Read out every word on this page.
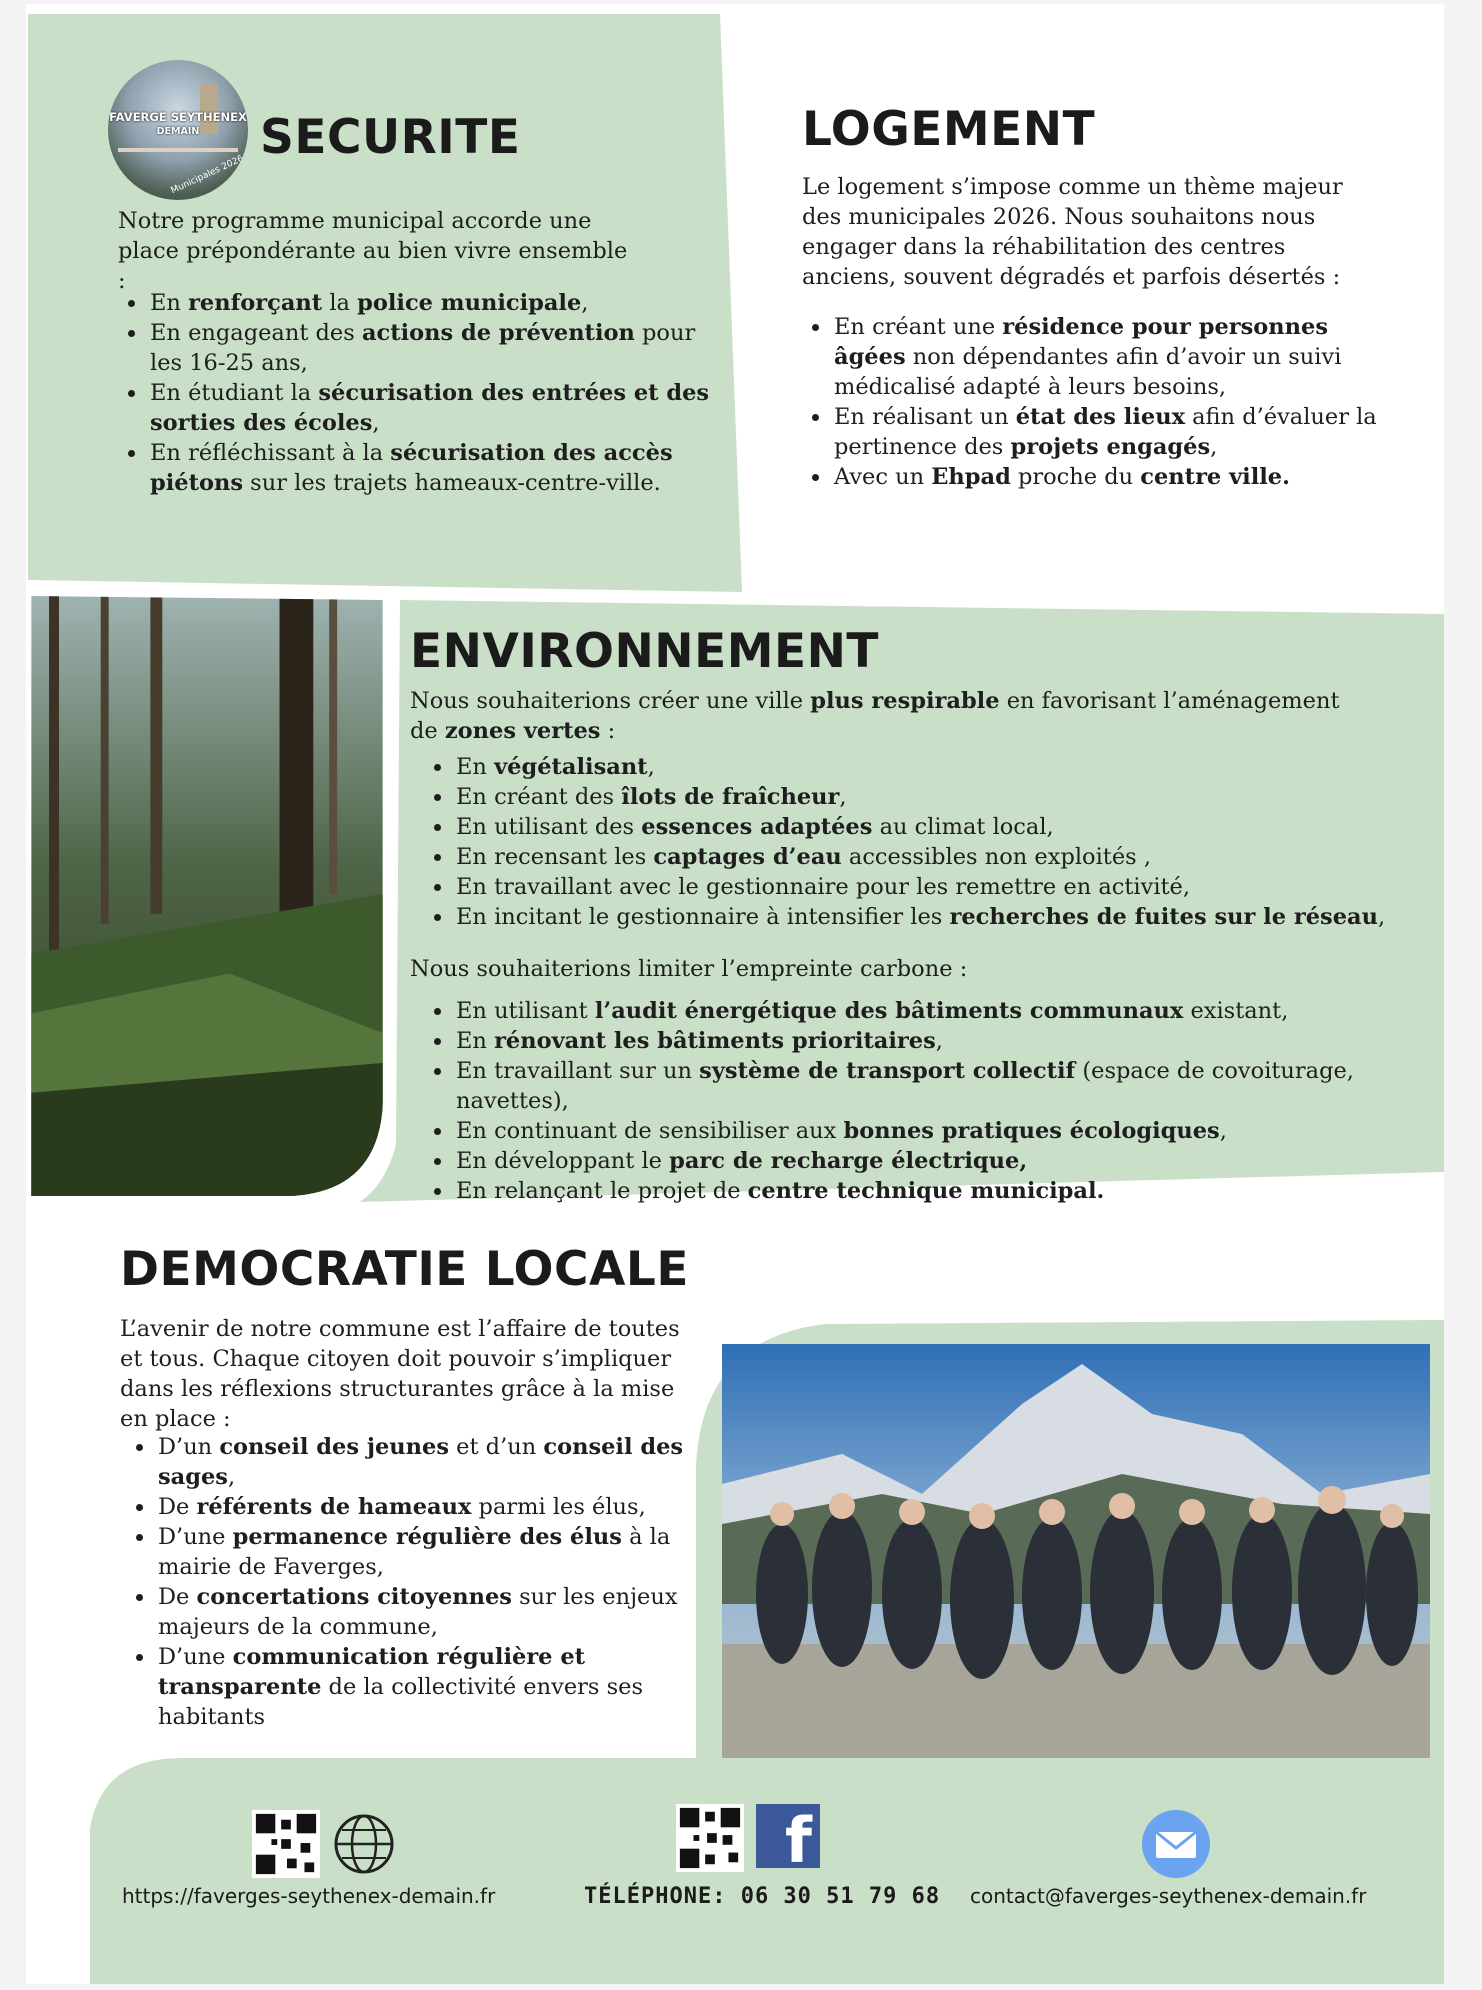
FAVERGE SEYTHENEX
DEMAIN
Municipales 2026
SECURITE

Notre programme municipal accorde une place prépondérante au bien vivre ensemble :

• En renforçant la police municipale,
• En engageant des actions de prévention pour les 16-25 ans,
• En étudiant la sécurisation des entrées et des sorties des écoles,
• En réfléchissant à la sécurisation des accès piétons sur les trajets hameaux-centre-ville.
LOGEMENT

Le logement s’impose comme un thème majeur des municipales 2026. Nous souhaitons nous engager dans la réhabilitation des centres anciens, souvent dégradés et parfois désertés :

• En créant une résidence pour personnes âgées non dépendantes afin d’avoir un suivi médicalisé adapté à leurs besoins,
• En réalisant un état des lieux afin d’évaluer la pertinence des projets engagés,
• Avec un Ehpad proche du centre ville.
ENVIRONNEMENT

Nous souhaiterions créer une ville plus respirable en favorisant l’aménagement de zones vertes :

• En végétalisant,
• En créant des îlots de fraîcheur,
• En utilisant des essences adaptées au climat local,
• En recensant les captages d’eau accessibles non exploités ,
• En travaillant avec le gestionnaire pour les remettre en activité,
• En incitant le gestionnaire à intensifier les recherches de fuites sur le réseau,

Nous souhaiterions limiter l’empreinte carbone :

• En utilisant l’audit énergétique des bâtiments communaux existant,
• En rénovant les bâtiments prioritaires,
• En travaillant sur un système de transport collectif (espace de covoiturage, navettes),
• En continuant de sensibiliser aux bonnes pratiques écologiques,
• En développant le parc de recharge électrique,
• En relançant le projet de centre technique municipal.
DEMOCRATIE LOCALE

L’avenir de notre commune est l’affaire de toutes et tous. Chaque citoyen doit pouvoir s’impliquer dans les réflexions structurantes grâce à la mise en place :

• D’un conseil des jeunes et d’un conseil des sages,
• De référents de hameaux parmi les élus,
• D’une permanence régulière des élus à la mairie de Faverges,
• De concertations citoyennes sur les enjeux majeurs de la commune,
• D’une communication régulière et transparente de la collectivité envers ses habitants
https://faverges-seythenex-demain.fr
f
TÉLÉPHONE: 06 30 51 79 68 contact@faverges-seythenex-demain.fr
